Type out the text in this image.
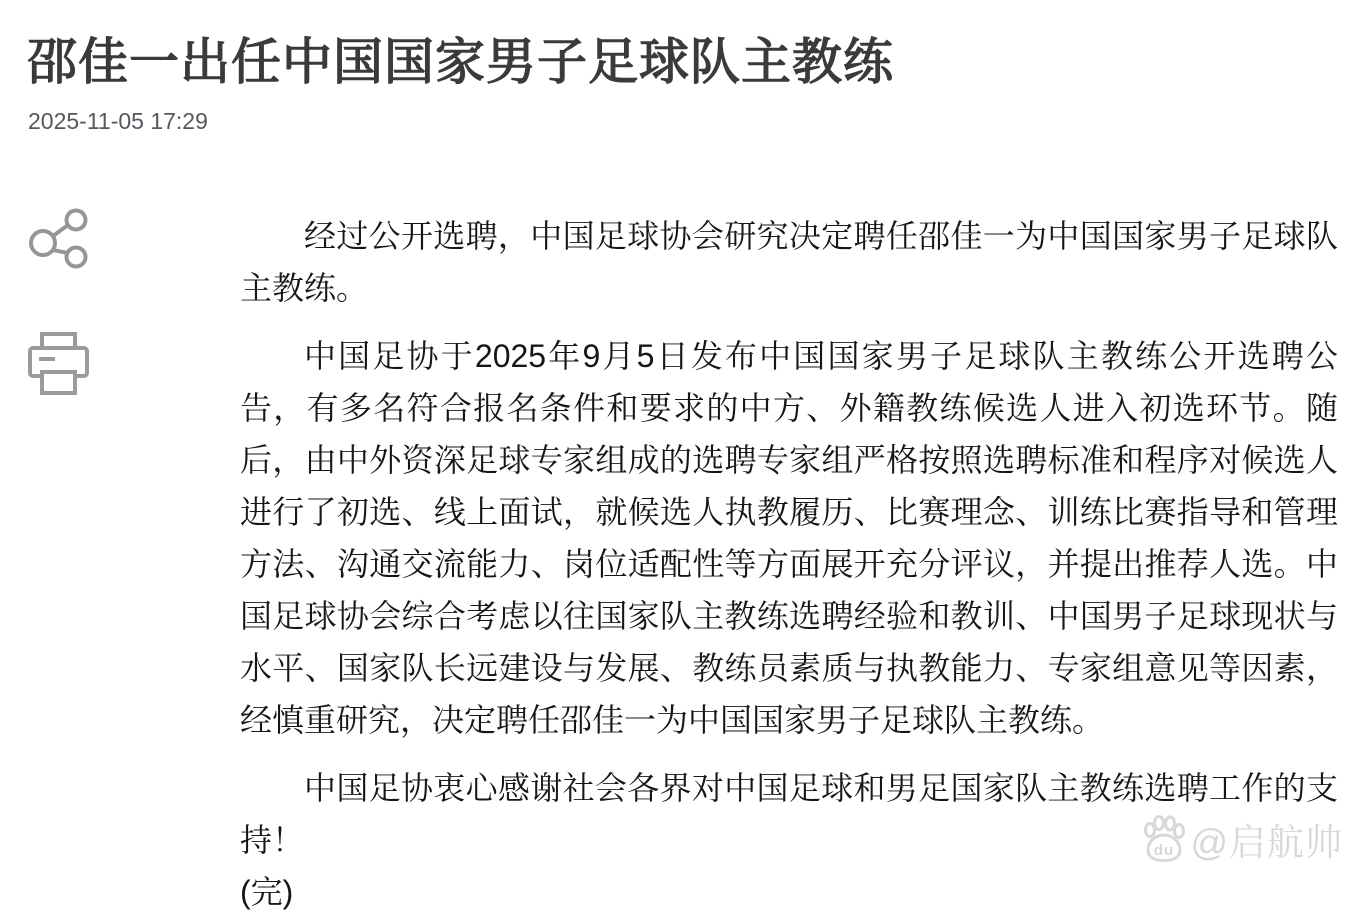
邵佳一出任中国国家男子足球队主教练
2025-11-05 17:29

经过公开选聘，中国足球协会研究决定聘任邵佳一为中国国家男子足球队主教练。

中国足协于2025年9月5日发布中国国家男子足球队主教练公开选聘公告，有多名符合报名条件和要求的中方、外籍教练候选人进入初选环节。随后，由中外资深足球专家组成的选聘专家组严格按照选聘标准和程序对候选人进行了初选、线上面试，就候选人执教履历、比赛理念、训练比赛指导和管理方法、沟通交流能力、岗位适配性等方面展开充分评议，并提出推荐人选。中国足球协会综合考虑以往国家队主教练选聘经验和教训、中国男子足球现状与水平、国家队长远建设与发展、教练员素质与执教能力、专家组意见等因素，经慎重研究，决定聘任邵佳一为中国国家男子足球队主教练。

中国足协衷心感谢社会各界对中国足球和男足国家队主教练选聘工作的支持！

(完)

du @启航帅
